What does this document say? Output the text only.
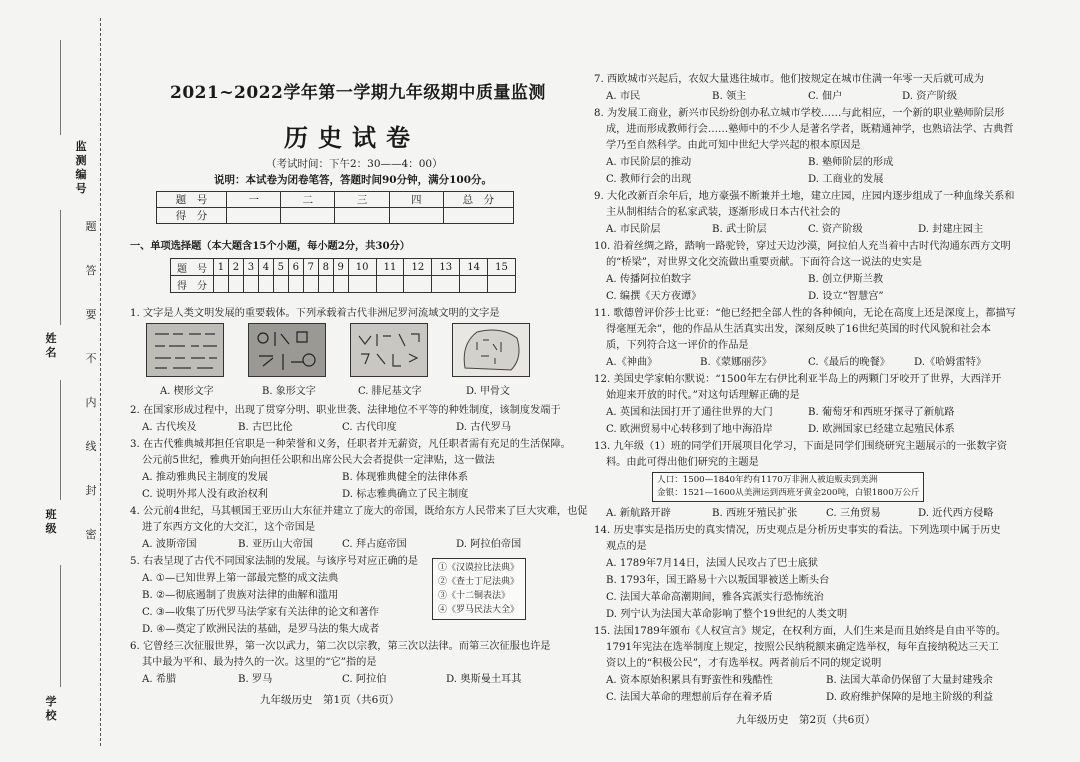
监测编号
姓名
班级
学校
题
答
要
不
内
线
封
密
2021~2022学年第一学期九年级期中质量监测
历史试卷
（考试时间：下午2：30——4：00）
说明：本试卷为闭卷笔答，答题时间90分钟，满分100分。
题　号	一	二	三	四	总　分
得　分					
一、单项选择题（本大题含15个小题，每小题2分，共30分）
题　号	1	2	3	4	5	6	7	8	9	10	11	12	13	14	15
得　分															
1. 文字是人类文明发展的重要载体。下列承载着古代非洲尼罗河流域文明的文字是
A. 楔形文字	B. 象形文字	C. 腓尼基文字	D. 甲骨文
2. 在国家形成过程中，出现了贯穿分明、职业世袭、法律地位不平等的种姓制度，该制度发端于
A. 古代埃及	B. 古巴比伦	C. 古代印度	D. 古代罗马
3. 在古代雅典城邦担任官职是一种荣誉和义务，任职者并无薪资，凡任职者需有充足的生活保障。
公元前5世纪，雅典开始向担任公职和出席公民大会者提供一定津贴，这一做法
A. 推动雅典民主制度的发展	B. 体现雅典健全的法律体系
C. 说明外邦人没有政治权利	D. 标志雅典确立了民主制度
4. 公元前4世纪，马其顿国王亚历山大东征并建立了庞大的帝国，既给东方人民带来了巨大灾难，也促
进了东西方文化的大交汇，这个帝国是
A. 波斯帝国	B. 亚历山大帝国	C. 拜占庭帝国	D. 阿拉伯帝国
5. 右表呈现了古代不同国家法制的发展。与该序号对应正确的是
A. ①—已知世界上第一部最完整的成文法典
B. ②—彻底遏制了贵族对法律的曲解和滥用
C. ③—收集了历代罗马法学家有关法律的论文和著作
D. ④—奠定了欧洲民法的基础，是罗马法的集大成者
①《汉谟拉比法典》
②《查士丁尼法典》
③《十二铜表法》
④《罗马民法大全》
6. 它曾经三次征服世界，第一次以武力，第二次以宗教，第三次以法律。而第三次征服也许是
其中最为平和、最为持久的一次。这里的“它”指的是
A. 希腊	B. 罗马	C. 阿拉伯	D. 奥斯曼土耳其
九年级历史　第1页（共6页）
7. 西欧城市兴起后，农奴大量逃往城市。他们按规定在城市住满一年零一天后就可成为
A. 市民	B. 领主	C. 佃户	D. 资产阶级
8. 为发展工商业，新兴市民纷纷创办私立城市学校……与此相应，一个新的职业塾师阶层形
成，进而形成教师行会……塾师中的不少人是著名学者，既精通神学，也熟谙法学、古典哲
学乃至自然科学。由此可知中世纪大学兴起的根本原因是
A. 市民阶层的推动	B. 塾师阶层的形成
C. 教师行会的出现	D. 工商业的发展
9. 大化改新百余年后，地方豪强不断兼并土地，建立庄园，庄园内逐步组成了一种血缘关系和
主从制相结合的私家武装，逐渐形成日本古代社会的
A. 市民阶层	B. 武士阶层	C. 资产阶级	D. 封建庄园主
10. 沿着丝绸之路，踏响一路驼铃，穿过天边沙漠，阿拉伯人充当着中古时代沟通东西方文明
的“桥梁”，对世界文化交流做出重要贡献。下面符合这一说法的史实是
A. 传播阿拉伯数字	B. 创立伊斯兰教
C. 编撰《天方夜谭》	D. 设立“智慧宫”
11. 歌德曾评价莎士比亚：“他已经把全部人性的各种倾向，无论在高度上还是深度上，都描写
得毫厘无余”，他的作品从生活真实出发，深刻反映了16世纪英国的时代风貌和社会本
质，下列符合这一评价的作品是
A.《神曲》	B.《蒙娜丽莎》	C.《最后的晚餐》 D.《哈姆雷特》
12. 美国史学家帕尔默说：“1500年左右伊比利亚半岛上的两颗门牙咬开了世界，大西洋开
始迎来开放的时代。”对这句话理解正确的是
A. 英国和法国打开了通往世界的大门	B. 葡萄牙和西班牙探寻了新航路
C. 欧洲贸易中心转移到了地中海沿岸	D. 欧洲国家已经建立起殖民体系
13. 九年级（1）班的同学们开展项目化学习，下面是同学们围绕研究主题展示的一张数字资
料。由此可得出他们研究的主题是
人口：1500—1840年约有1170万非洲人被迫贩卖到美洲
金银：1521—1600从美洲运到西班牙黄金200吨，白银1800万公斤
A. 新航路开辟	B. 西班牙殖民扩张	C. 三角贸易	D. 近代西方侵略
14. 历史事实是指历史的真实情况，历史观点是分析历史事实的看法。下列选项中属于历史
观点的是
A. 1789年7月14日，法国人民攻占了巴士底狱
B. 1793年，国王路易十六以叛国罪被送上断头台
C. 法国大革命高潮期间，雅各宾派实行恐怖统治
D. 列宁认为法国大革命影响了整个19世纪的人类文明
15. 法国1789年颁布《人权宣言》规定，在权利方面，人们生来是而且始终是自由平等的。
1791年宪法在选举制度上规定，按照公民纳税额来确定选举权，每年直接纳税达三天工
资以上的“积极公民”，才有选举权。两者前后不同的规定说明
A. 资本原始积累具有野蛮性和残酷性	B. 法国大革命仍保留了大量封建残余
C. 法国大革命的理想前后存在着矛盾	D. 政府维护保障的是地主阶级的利益
九年级历史　第2页（共6页）
